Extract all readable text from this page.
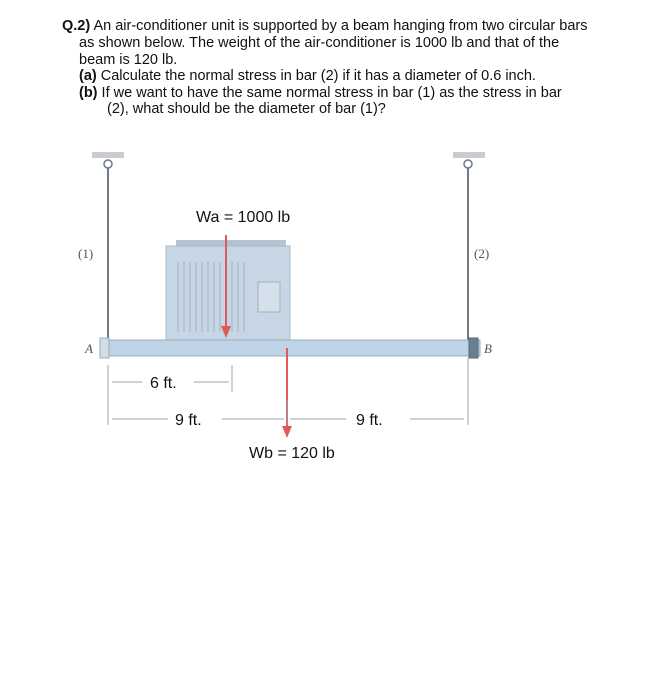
Q.2) An air-conditioner unit is supported by a beam hanging from two circular bars
as shown below. The weight of the air-conditioner is 1000 lb and that of the
beam is 120 lb.
(a) Calculate the normal stress in bar (2) if it has a diameter of 0.6 inch.
(b) If we want to have the same normal stress in bar (1) as the stress in bar
(2), what should be the diameter of bar (1)?
Wa = 1000 lb
Wb = 120 lb
(1)	(2)
A	B
6 ft.
9 ft.	9 ft.
